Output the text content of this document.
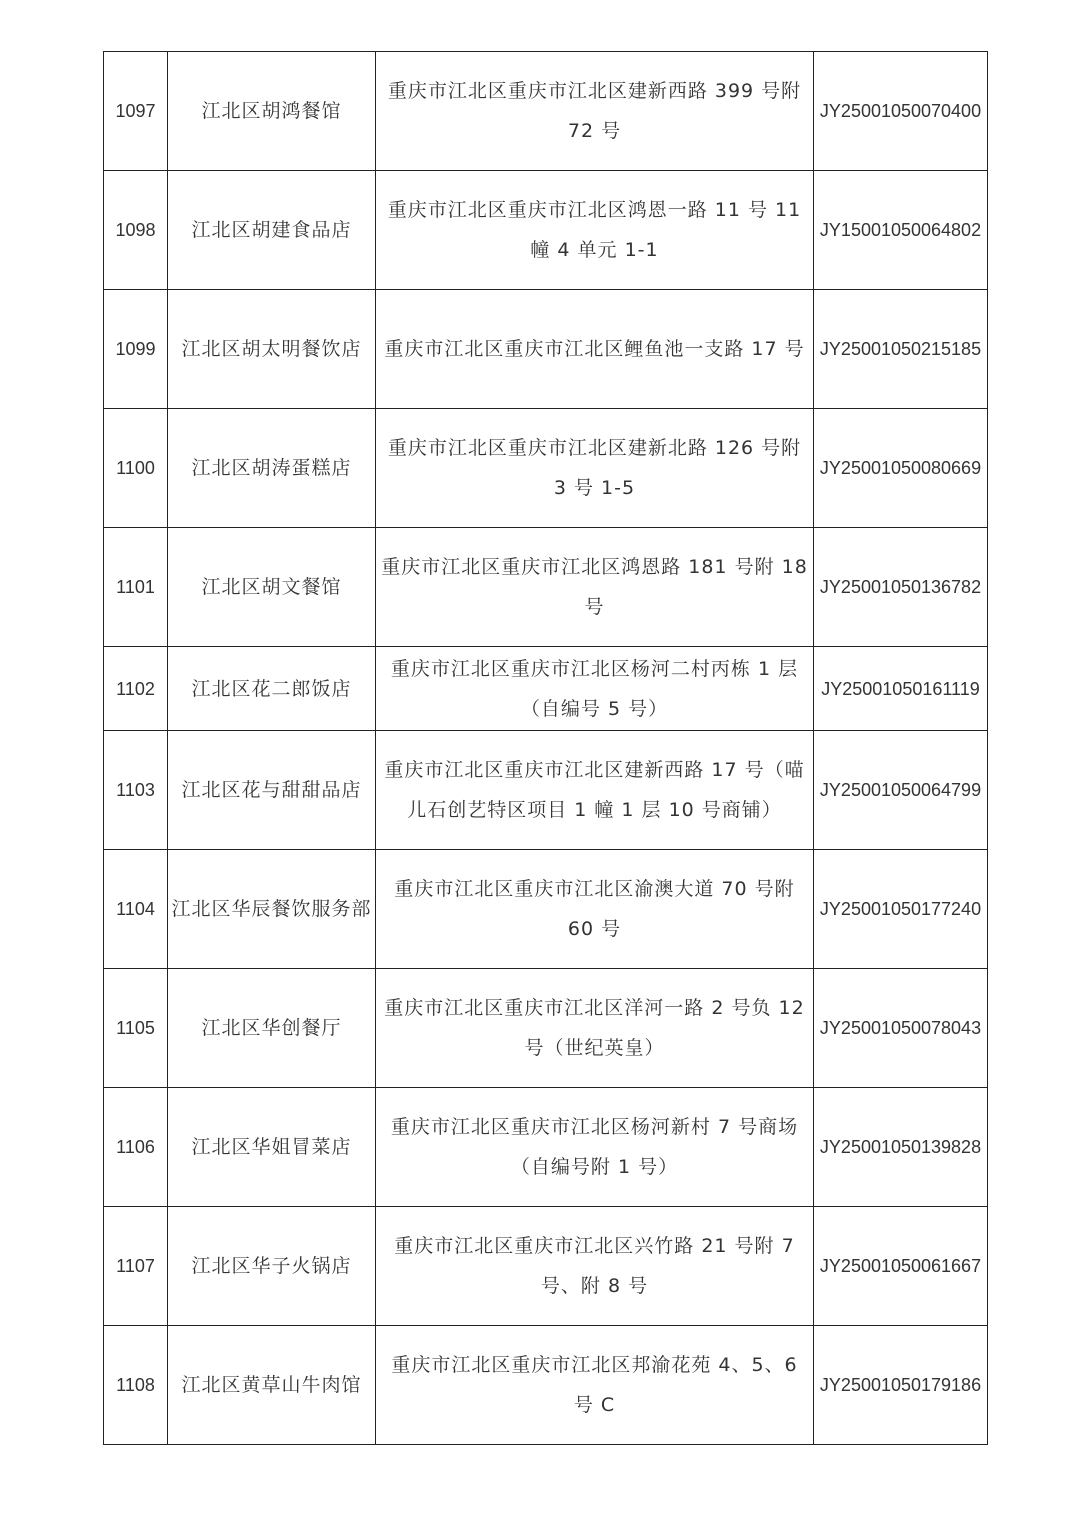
1097	江北区胡鸿餐馆	重庆市江北区重庆市江北区建新西路 399 号附 72 号	JY25001050070400
1098	江北区胡建食品店	重庆市江北区重庆市江北区鸿恩一路 11 号 11 幢 4 单元 1-1	JY15001050064802
1099	江北区胡太明餐饮店	重庆市江北区重庆市江北区鲤鱼池一支路 17 号	JY25001050215185
1100	江北区胡涛蛋糕店	重庆市江北区重庆市江北区建新北路 126 号附 3 号 1-5	JY25001050080669
1101	江北区胡文餐馆	重庆市江北区重庆市江北区鸿恩路 181 号附 18 号	JY25001050136782
1102	江北区花二郎饭店	重庆市江北区重庆市江北区杨河二村丙栋 1 层（自编号 5 号）	JY25001050161119
1103	江北区花与甜甜品店	重庆市江北区重庆市江北区建新西路 17 号（喵儿石创艺特区项目 1 幢 1 层 10 号商铺）	JY25001050064799
1104	江北区华辰餐饮服务部	重庆市江北区重庆市江北区渝澳大道 70 号附 60 号	JY25001050177240
1105	江北区华创餐厅	重庆市江北区重庆市江北区洋河一路 2 号负 12 号（世纪英皇）	JY25001050078043
1106	江北区华姐冒菜店	重庆市江北区重庆市江北区杨河新村 7 号商场（自编号附 1 号）	JY25001050139828
1107	江北区华子火锅店	重庆市江北区重庆市江北区兴竹路 21 号附 7 号、附 8 号	JY25001050061667
1108	江北区黄草山牛肉馆	重庆市江北区重庆市江北区邦渝花苑 4、5、6 号 C	JY25001050179186
